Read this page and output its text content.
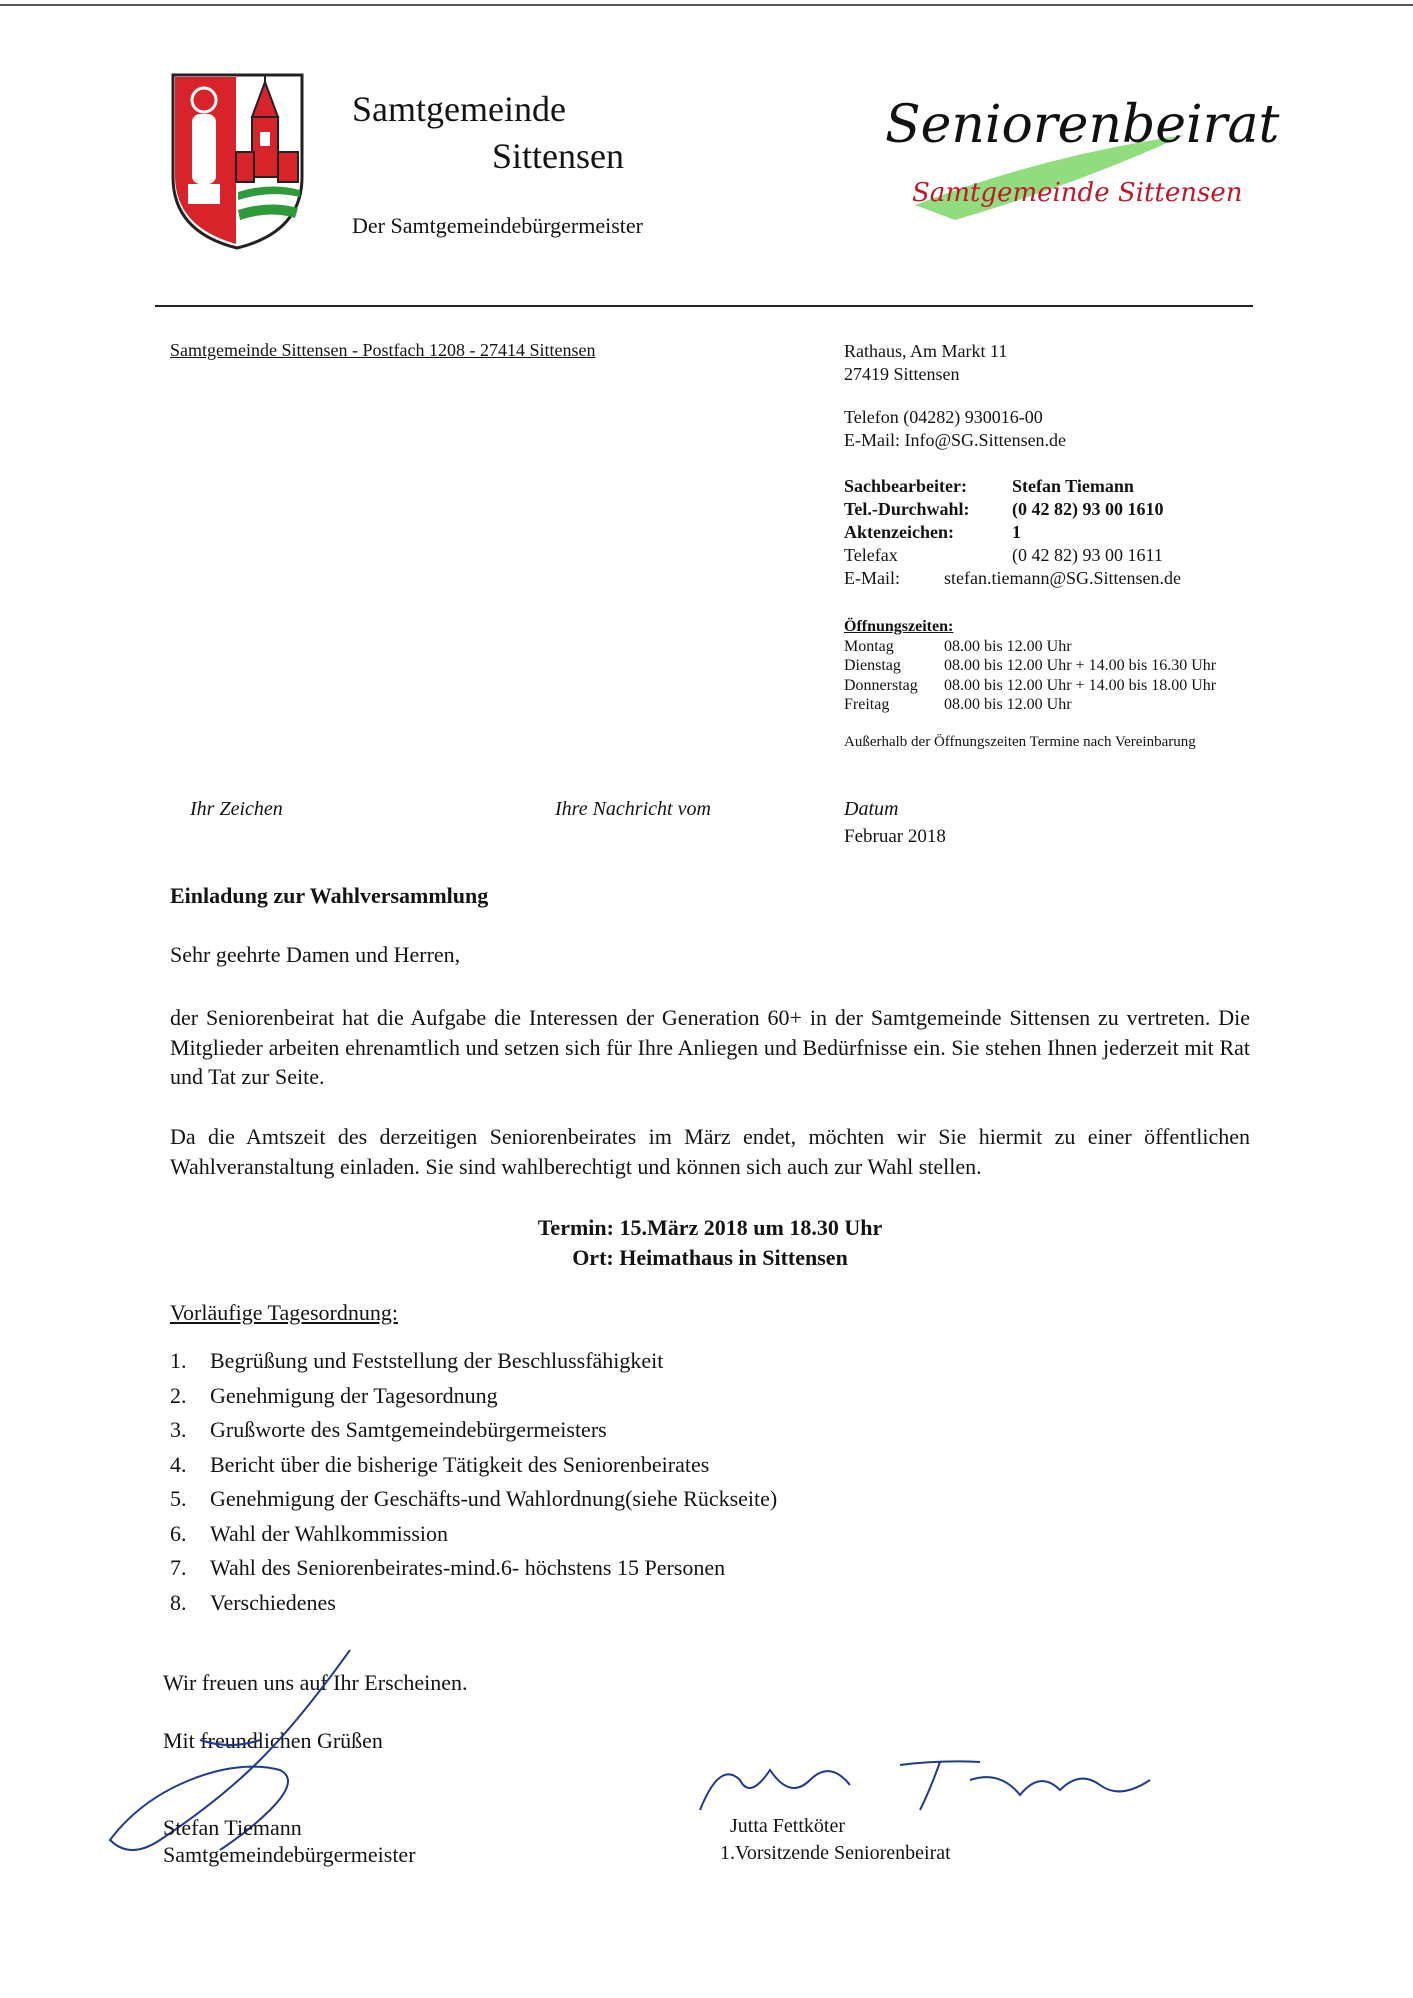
Samtgemeinde
Sittensen
Der Samtgemeindebürgermeister
Seniorenbeirat
Samtgemeinde Sittensen
Samtgemeinde Sittensen - Postfach 1208 - 27414 Sittensen	Rathaus, Am Markt 11
27419 Sittensen
Telefon (04282) 930016-00
E-Mail: Info@SG.Sittensen.de
Sachbearbeiter:	Stefan Tiemann
Tel.-Durchwahl:	(0 42 82) 93 00 1610
Aktenzeichen:	1
Telefax	(0 42 82) 93 00 1611
E-Mail:	stefan.tiemann@SG.Sittensen.de
Öffnungszeiten:
Montag	08.00 bis 12.00 Uhr
Dienstag	08.00 bis 12.00 Uhr + 14.00 bis 16.30 Uhr
Donnerstag	08.00 bis 12.00 Uhr + 14.00 bis 18.00 Uhr
Freitag	08.00 bis 12.00 Uhr
Außerhalb der Öffnungszeiten Termine nach Vereinbarung
Ihr Zeichen	Ihre Nachricht vom	Datum
Februar 2018
Einladung zur Wahlversammlung
Sehr geehrte Damen und Herren,
der Seniorenbeirat hat die Aufgabe die Interessen der Generation 60+ in der Samtgemeinde Sittensen zu vertreten. Die Mitglieder arbeiten ehrenamtlich und setzen sich für Ihre Anliegen und Bedürfnisse ein. Sie stehen Ihnen jederzeit mit Rat und Tat zur Seite.
Da die Amtszeit des derzeitigen Seniorenbeirates im März endet, möchten wir Sie hiermit zu einer öffentlichen Wahlveranstaltung einladen. Sie sind wahlberechtigt und können sich auch zur Wahl stellen.
Termin: 15.März 2018 um 18.30 Uhr
Ort: Heimathaus in Sittensen
Vorläufige Tagesordnung:
1.	Begrüßung und Feststellung der Beschlussfähigkeit
2.	Genehmigung der Tagesordnung
3.	Grußworte des Samtgemeindebürgermeisters
4.	Bericht über die bisherige Tätigkeit des Seniorenbeirates
5.	Genehmigung der Geschäfts-und Wahlordnung(siehe Rückseite)
6.	Wahl der Wahlkommission
7.	Wahl des Seniorenbeirates-mind.6- höchstens 15 Personen
8.	Verschiedenes
Wir freuen uns auf Ihr Erscheinen.
Mit freundlichen Grüßen
Stefan Tiemann
Samtgemeindebürgermeister
Jutta Fettköter
1.Vorsitzende Seniorenbeirat
